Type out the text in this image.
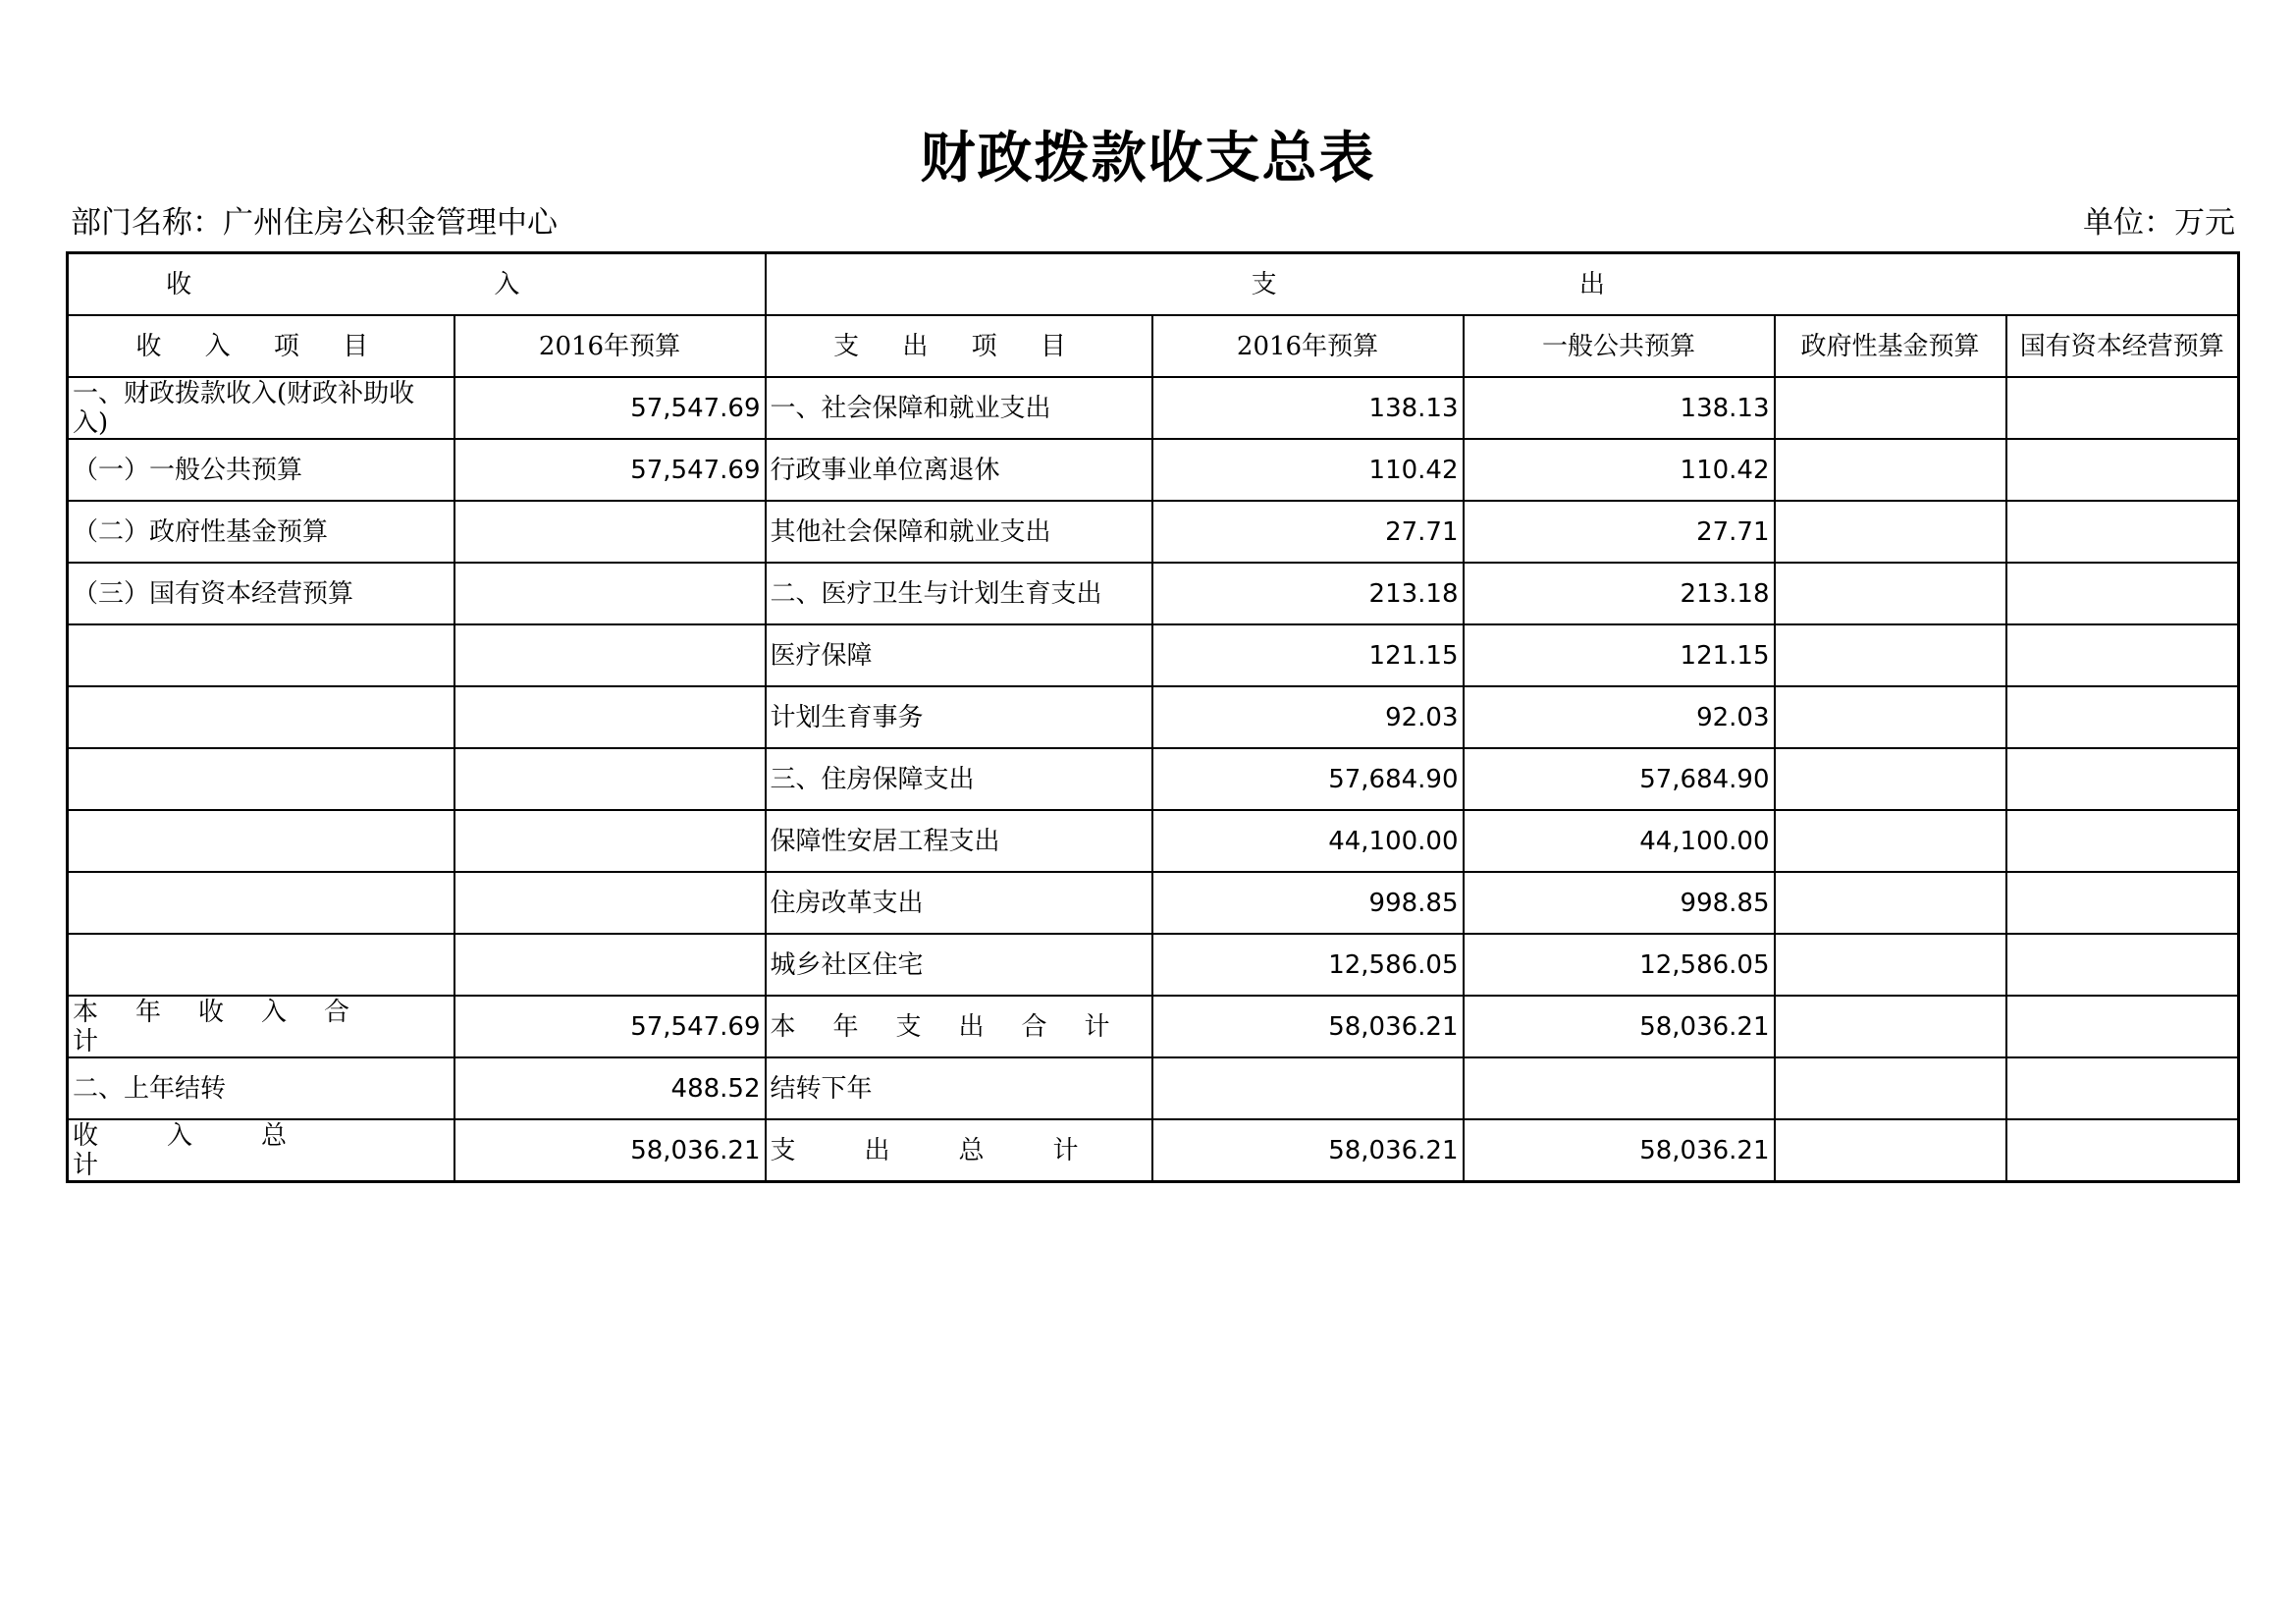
财政拨款收支总表
部门名称：广州住房公积金管理中心	单位：万元
收 入		支 出				
收 入 项 目	2016年预算	支 出 项 目	2016年预算	一般公共预算	政府性基金预算	国有资本经营预算
一、财政拨款收入(财政补助收入)	57,547.69	一、社会保障和就业支出	138.13	138.13		
（一）一般公共预算	57,547.69	行政事业单位离退休	110.42	110.42		
（二）政府性基金预算		其他社会保障和就业支出	27.71	27.71		
（三）国有资本经营预算		二、医疗卫生与计划生育支出	213.18	213.18		
		医疗保障	121.15	121.15		
		计划生育事务	92.03	92.03		
		三、住房保障支出	57,684.90	57,684.90		
		保障性安居工程支出	44,100.00	44,100.00		
		住房改革支出	998.85	998.85		
		城乡社区住宅	12,586.05	12,586.05		
本年收入合计	57,547.69	本年支出合计	58,036.21	58,036.21		
二、上年结转	488.52	结转下年				
收入总计	58,036.21	支出总计	58,036.21	58,036.21		
